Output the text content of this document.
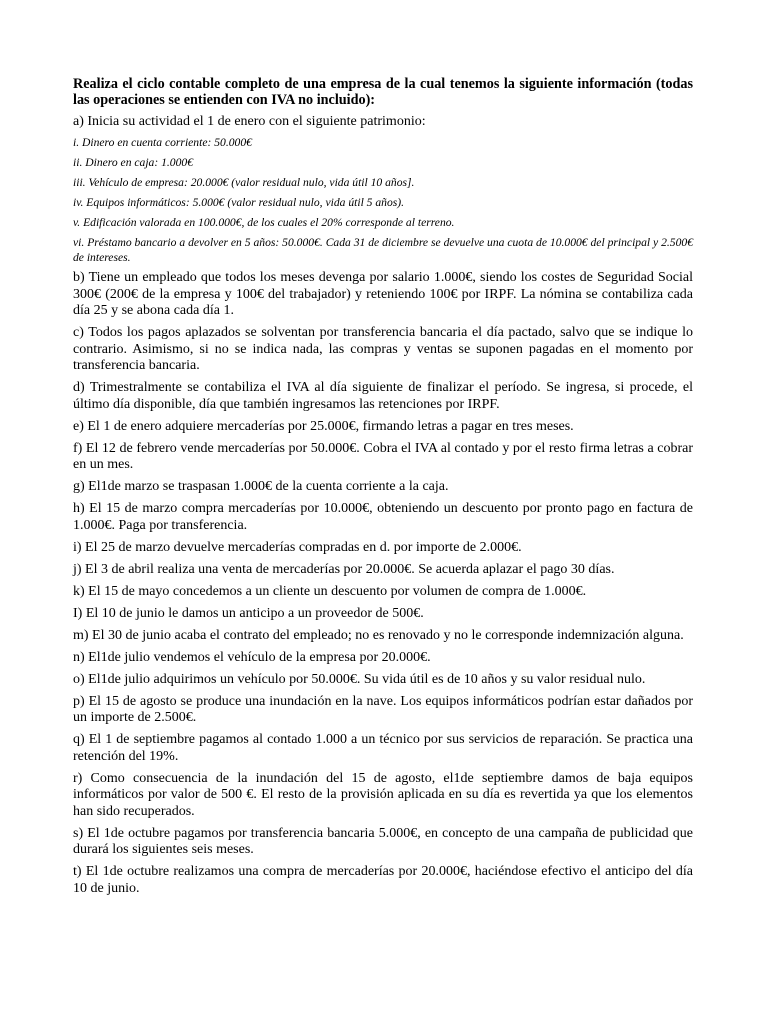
Realiza el ciclo contable completo de una empresa de la cual tenemos la siguiente información (todas las operaciones se entienden con IVA no incluido):

a) Inicia su actividad el 1 de enero con el siguiente patrimonio:

i. Dinero en cuenta corriente: 50.000€

ii. Dinero en caja: 1.000€

iii. Vehículo de empresa: 20.000€ (valor residual nulo, vida útil 10 años].

iv. Equipos informáticos: 5.000€ (valor residual nulo, vida útil 5 años).

v. Edificación valorada en 100.000€, de los cuales el 20% corresponde al terreno.

vi. Préstamo bancario a devolver en 5 años: 50.000€. Cada 31 de diciembre se devuelve una cuota de 10.000€ del principal y 2.500€ de intereses.

b) Tiene un empleado que todos los meses devenga por salario 1.000€, siendo los costes de Seguridad Social 300€ (200€ de la empresa y 100€ del trabajador) y reteniendo 100€ por IRPF. La nómina se contabiliza cada día 25 y se abona cada día 1.

c) Todos los pagos aplazados se solventan por transferencia bancaria el día pactado, salvo que se indique lo contrario. Asimismo, si no se indica nada, las compras y ventas se suponen pagadas en el momento por transferencia bancaria.

d) Trimestralmente se contabiliza el IVA al día siguiente de finalizar el período. Se ingresa, si procede, el último día disponible, día que también ingresamos las retenciones por IRPF.

e) El 1 de enero adquiere mercaderías por 25.000€, firmando letras a pagar en tres meses.

f) El 12 de febrero vende mercaderías por 50.000€. Cobra el IVA al contado y por el resto firma letras a cobrar en un mes.

g) El1de marzo se traspasan 1.000€ de la cuenta corriente a la caja.

h) El 15 de marzo compra mercaderías por 10.000€, obteniendo un descuento por pronto pago en factura de 1.000€. Paga por transferencia.

i) El 25 de marzo devuelve mercaderías compradas en d. por importe de 2.000€.

j) El 3 de abril realiza una venta de mercaderías por 20.000€. Se acuerda aplazar el pago 30 días.

k) El 15 de mayo concedemos a un cliente un descuento por volumen de compra de 1.000€.

I) El 10 de junio le damos un anticipo a un proveedor de 500€.

m) El 30 de junio acaba el contrato del empleado; no es renovado y no le corresponde indemnización alguna.

n) El1de julio vendemos el vehículo de la empresa por 20.000€.

o) El1de julio adquirimos un vehículo por 50.000€. Su vida útil es de 10 años y su valor residual nulo.

p) El 15 de agosto se produce una inundación en la nave. Los equipos informáticos podrían estar dañados por un importe de 2.500€.

q) El 1 de septiembre pagamos al contado 1.000 a un técnico por sus servicios de reparación. Se practica una retención del 19%.

r) Como consecuencia de la inundación del 15 de agosto, el1de septiembre damos de baja equipos informáticos por valor de 500 €. El resto de la provisión aplicada en su día es revertida ya que los elementos han sido recuperados.

s) El 1de octubre pagamos por transferencia bancaria 5.000€, en concepto de una campaña de publicidad que durará los siguientes seis meses.

t) El 1de octubre realizamos una compra de mercaderías por 20.000€, haciéndose efectivo el anticipo del día 10 de junio.
